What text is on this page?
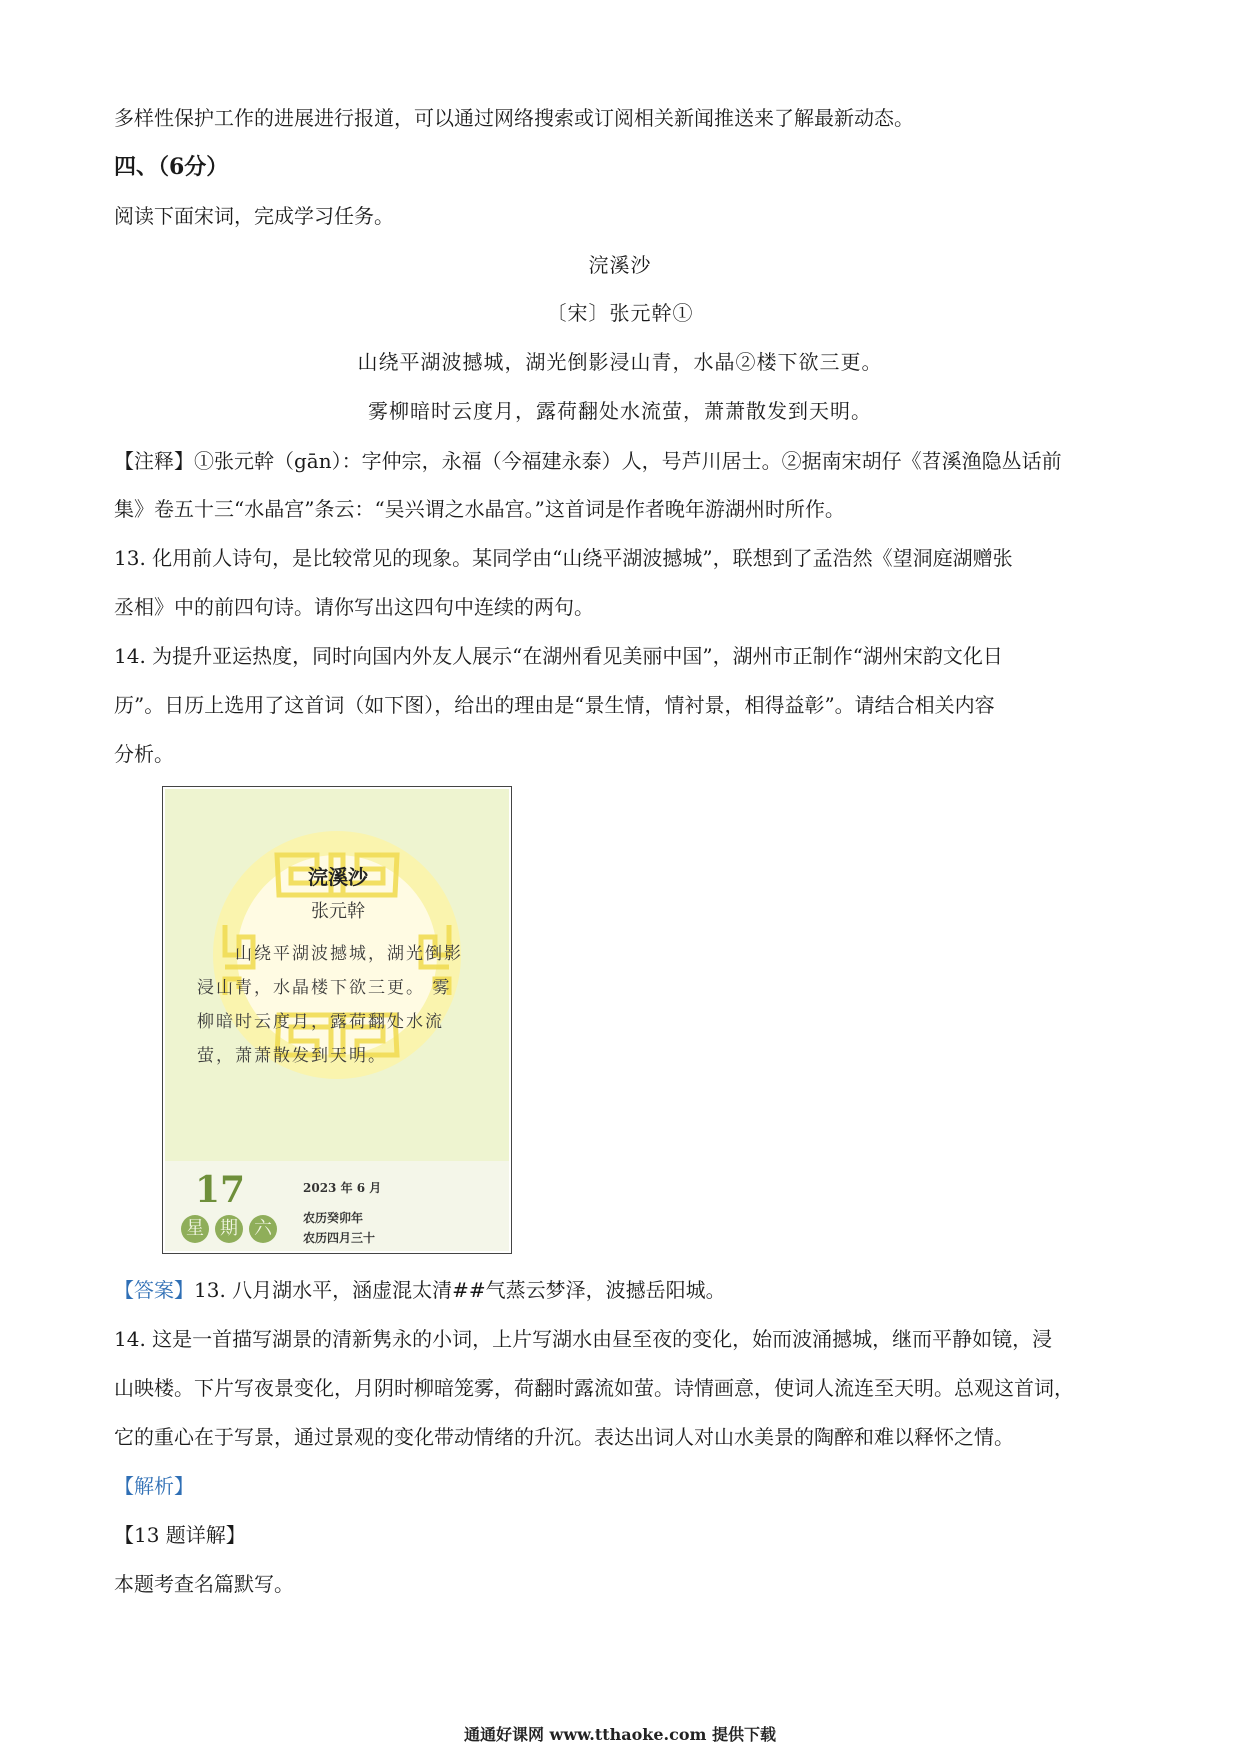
多样性保护工作的进展进行报道，可以通过网络搜索或订阅相关新闻推送来了解最新动态。
四、（6分）
阅读下面宋词，完成学习任务。
浣溪沙
〔宋〕张元幹①
山绕平湖波撼城，湖光倒影浸山青，水晶②楼下欲三更。
雾柳暗时云度月，露荷翻处水流萤，萧萧散发到天明。
【注释】①张元幹（gān）：字仲宗，永福（今福建永泰）人，号芦川居士。②据南宋胡仔《苕溪渔隐丛话前
集》卷五十三“水晶宫”条云：“吴兴谓之水晶宫。”这首词是作者晚年游湖州时所作。
13. 化用前人诗句，是比较常见的现象。某同学由“山绕平湖波撼城”，联想到了孟浩然《望洞庭湖赠张
丞相》中的前四句诗。请你写出这四句中连续的两句。
14. 为提升亚运热度，同时向国内外友人展示“在湖州看见美丽中国”，湖州市正制作“湖州宋韵文化日
历”。日历上选用了这首词（如下图），给出的理由是“景生情，情衬景，相得益彰”。请结合相关内容
分析。
浣溪沙
张元幹
山绕平湖波撼城，湖光倒影
浸山青，水晶楼下欲三更。 雾
柳暗时云度月，露荷翻处水流
萤，萧萧散发到天明。
17	2023 年 6 月
农历癸卯年
农历四月三十
星 期 六
【答案】13. 八月湖水平，涵虚混太清##气蒸云梦泽，波撼岳阳城。
14. 这是一首描写湖景的清新隽永的小词，上片写湖水由昼至夜的变化，始而波涌撼城，继而平静如镜，浸
山映楼。下片写夜景变化，月阴时柳暗笼雾，荷翻时露流如萤。诗情画意，使词人流连至天明。总观这首词，
它的重心在于写景，通过景观的变化带动情绪的升沉。表达出词人对山水美景的陶醉和难以释怀之情。
【解析】
【13 题详解】
本题考查名篇默写。
通通好课网 www.tthaoke.com 提供下载
